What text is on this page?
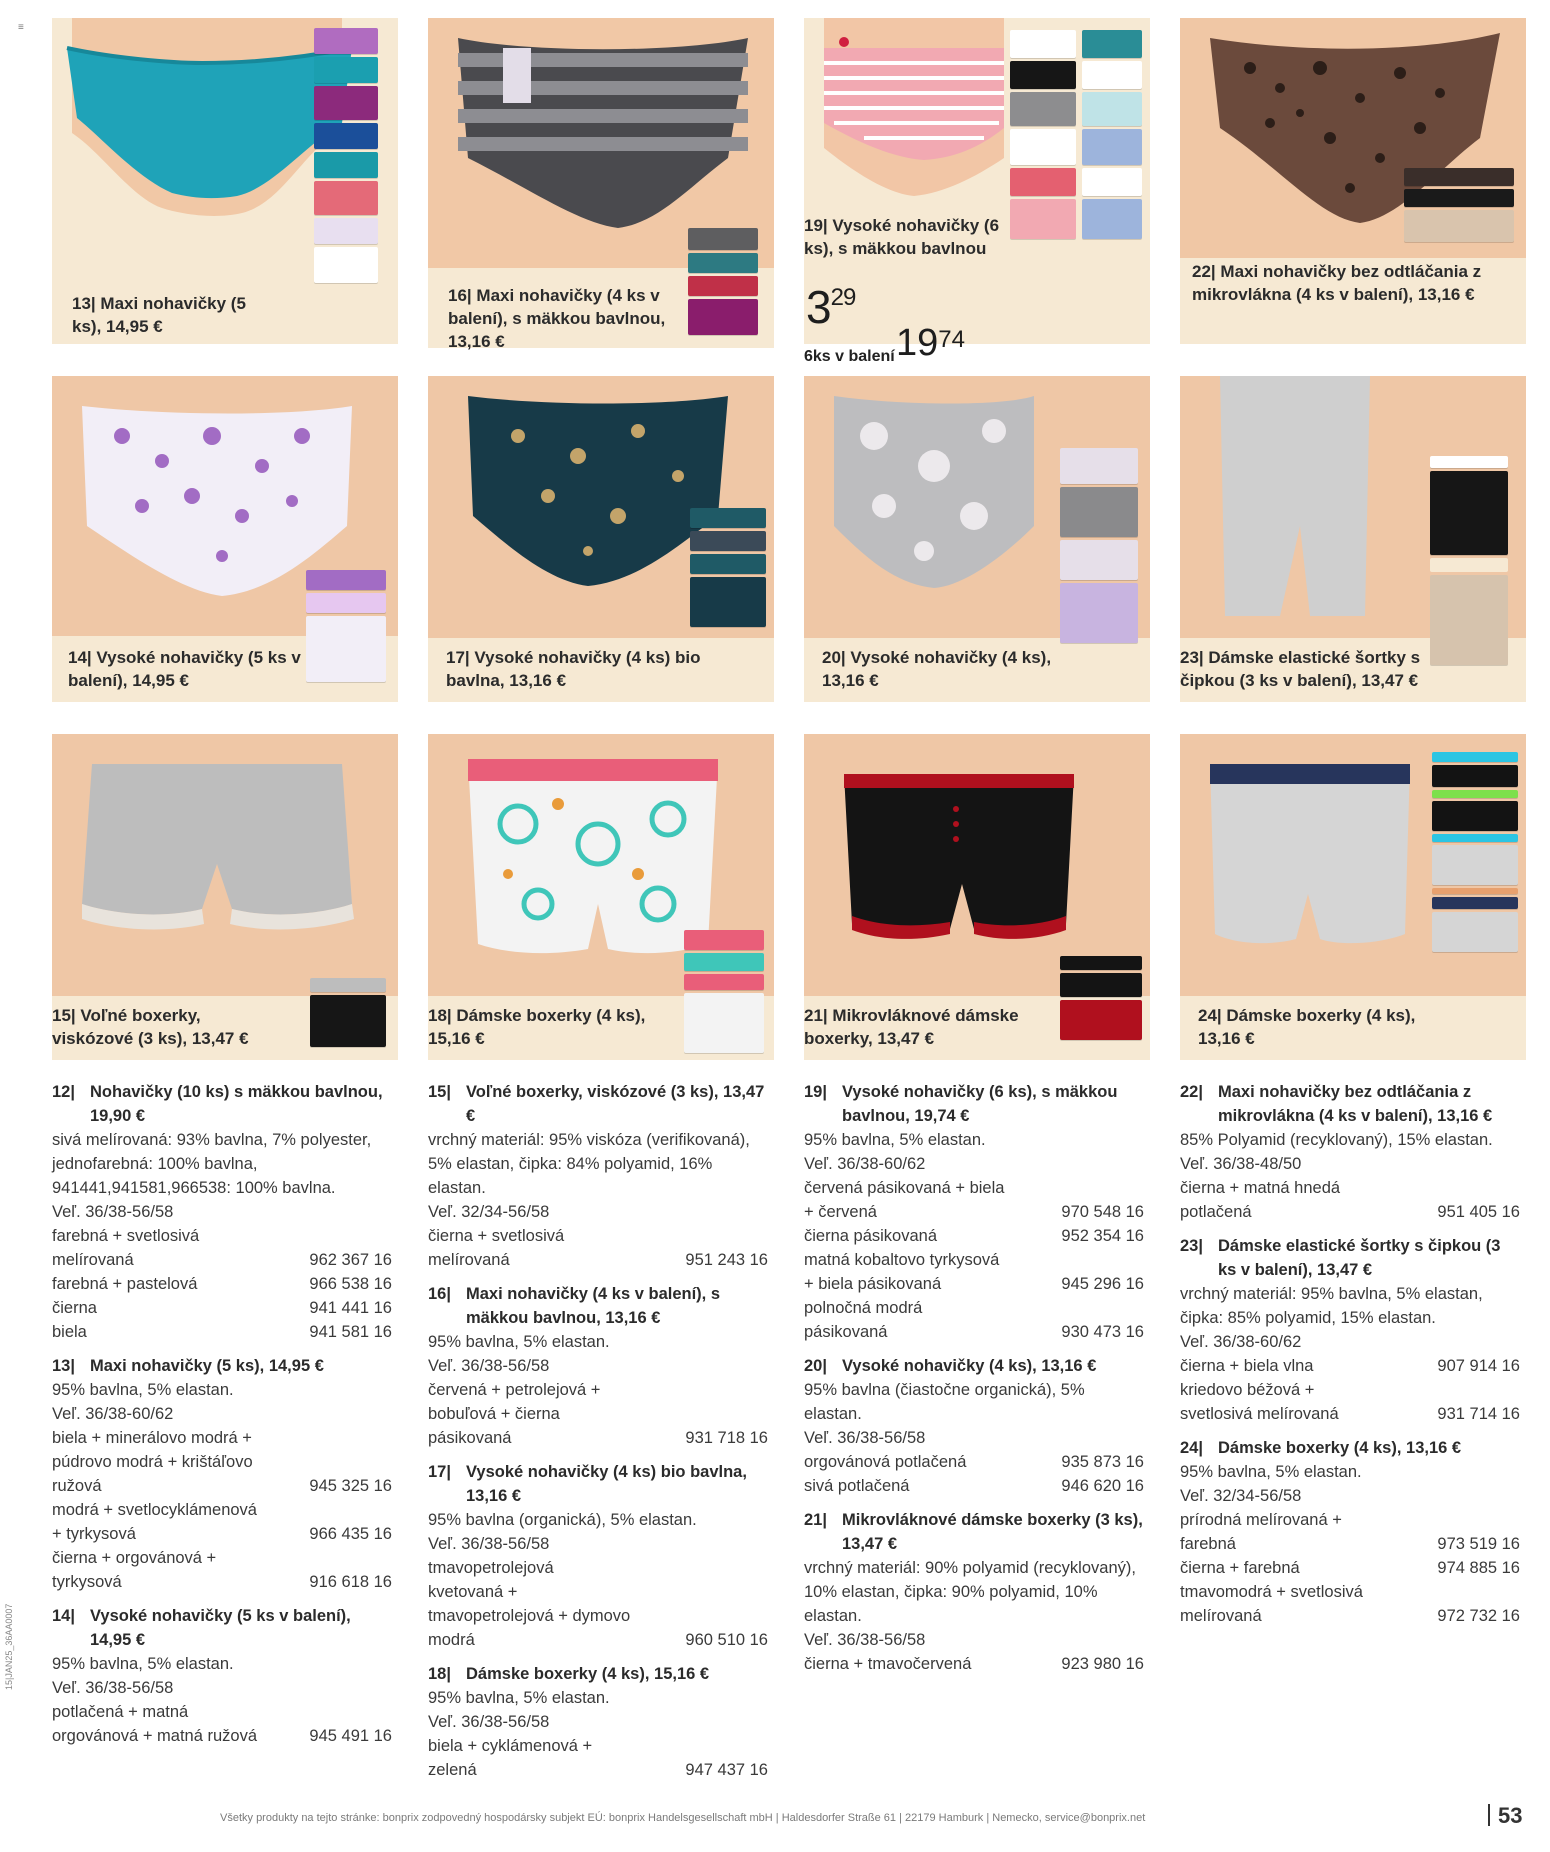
≡
15|JAN25_36AA0007
13| Maxi nohavičky (5 ks), 14,95 €
16| Maxi nohavičky (4 ks v balení), s mäkkou bavlnou, 13,16 €
19| Vysoké nohavičky (6 ks), s mäkkou bavlnou
$3^{29}$
6ks v balení $19^{74}$
22| Maxi nohavičky bez odtláčania z mikrovlákna (4 ks v balení), 13,16 €
14| Vysoké nohavičky (5 ks v balení), 14,95 €
17| Vysoké nohavičky (4 ks) bio bavlna, 13,16 €
20| Vysoké nohavičky (4 ks), 13,16 €
23| Dámske elastické šortky s čipkou (3 ks v balení), 13,47 €
15| Voľné boxerky, viskózové (3 ks), 13,47 €
18| Dámske boxerky (4 ks), 15,16 €
21| Mikrovláknové dámske boxerky, 13,47 €
24| Dámske boxerky (4 ks), 13,16 €
12| Nohavičky (10 ks) s mäkkou bavlnou, 19,90 €
sivá melírovaná: 93% bavlna, 7% polyester, jednofarebná: 100% bavlna, 941441,941581,966538: 100% bavlna.
Veľ. 36/38-56/58
farebná + svetlosivá melírovaná	962 367 16
farebná + pastelová	966 538 16
čierna	941 441 16
biela	941 581 16
13| Maxi nohavičky (5 ks), 14,95 €
95% bavlna, 5% elastan.
Veľ. 36/38-60/62
biela + minerálovo modrá + púdrovo modrá + krištáľovo ružová	945 325 16
modrá + svetlocyklámenová + tyrkysová	966 435 16
čierna + orgovánová + tyrkysová	916 618 16
14| Vysoké nohavičky (5 ks v balení), 14,95 €
95% bavlna, 5% elastan.
Veľ. 36/38-56/58
potlačená + matná orgovánová + matná ružová	945 491 16
15| Voľné boxerky, viskózové (3 ks), 13,47 €
vrchný materiál: 95% viskóza (verifikovaná), 5% elastan, čipka: 84% polyamid, 16% elastan.
Veľ. 32/34-56/58
čierna + svetlosivá melírovaná	951 243 16
16| Maxi nohavičky (4 ks v balení), s mäkkou bavlnou, 13,16 €
95% bavlna, 5% elastan.
Veľ. 36/38-56/58
červená + petrolejová + bobuľová + čierna pásikovaná	931 718 16
17| Vysoké nohavičky (4 ks) bio bavlna, 13,16 €
95% bavlna (organická), 5% elastan.
Veľ. 36/38-56/58
tmavopetrolejová kvetovaná + tmavopetrolejová + dymovo modrá	960 510 16
18| Dámske boxerky (4 ks), 15,16 €
95% bavlna, 5% elastan.
Veľ. 36/38-56/58
biela + cyklámenová + zelená	947 437 16
19| Vysoké nohavičky (6 ks), s mäkkou bavlnou, 19,74 €
95% bavlna, 5% elastan.
Veľ. 36/38-60/62
červená pásikovaná + biela + červená	970 548 16
čierna pásikovaná	952 354 16
matná kobaltovo tyrkysová + biela pásikovaná	945 296 16
polnočná modrá pásikovaná	930 473 16
20| Vysoké nohavičky (4 ks), 13,16 €
95% bavlna (čiastočne organická), 5% elastan.
Veľ. 36/38-56/58
orgovánová potlačená	935 873 16
sivá potlačená	946 620 16
21| Mikrovláknové dámske boxerky (3 ks), 13,47 €
vrchný materiál: 90% polyamid (recyklovaný), 10% elastan, čipka: 90% polyamid, 10% elastan.
Veľ. 36/38-56/58
čierna + tmavočervená	923 980 16
22| Maxi nohavičky bez odtláčania z mikrovlákna (4 ks v balení), 13,16 €
85% Polyamid (recyklovaný), 15% elastan.
Veľ. 36/38-48/50
čierna + matná hnedá potlačená	951 405 16
23| Dámske elastické šortky s čipkou (3 ks v balení), 13,47 €
vrchný materiál: 95% bavlna, 5% elastan, čipka: 85% polyamid, 15% elastan.
Veľ. 36/38-60/62
čierna + biela vlna	907 914 16
kriedovo béžová + svetlosivá melírovaná	931 714 16
24| Dámske boxerky (4 ks), 13,16 €
95% bavlna, 5% elastan.
Veľ. 32/34-56/58
prírodná melírovaná + farebná	973 519 16
čierna + farebná	974 885 16
tmavomodrá + svetlosivá melírovaná	972 732 16
Všetky produkty na tejto stránke: bonprix zodpovedný hospodársky subjekt EÚ: bonprix Handelsgesellschaft mbH | Haldesdorfer Straße 61 | 22179 Hamburk | Nemecko, service@bonprix.net	53
